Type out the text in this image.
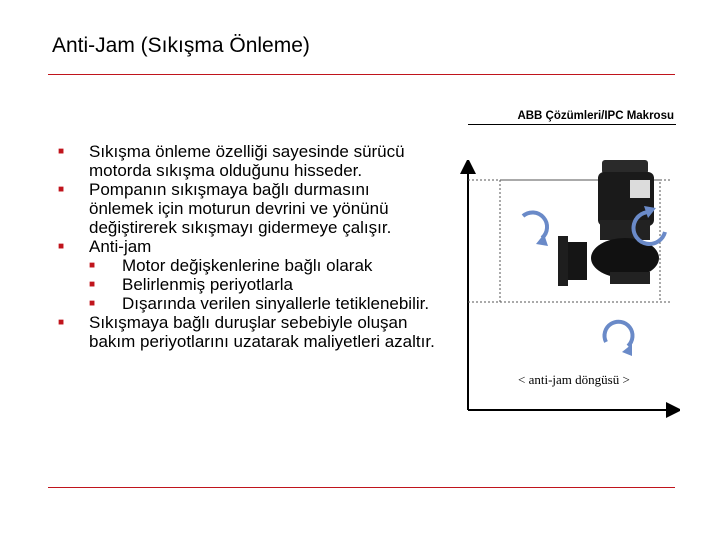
Anti-Jam (Sıkışma Önleme)
ABB Çözümleri/IPC Makrosu
■ Sıkışma önleme özelliği sayesinde sürücü motorda sıkışma olduğunu hisseder.
■ Pompanın sıkışmaya bağlı durmasını önlemek için moturun devrini ve yönünü değiştirerek sıkışmayı gidermeye çalışır.
■ Anti-jam
■ Motor değişkenlerine bağlı olarak
■ Belirlenmiş periyotlarla
■ Dışarında verilen sinyallerle tetiklenebilir.
■ Sıkışmaya bağlı duruşlar sebebiyle oluşan bakım periyotlarını uzatarak maliyetleri azaltır.
< anti-jam döngüsü >
